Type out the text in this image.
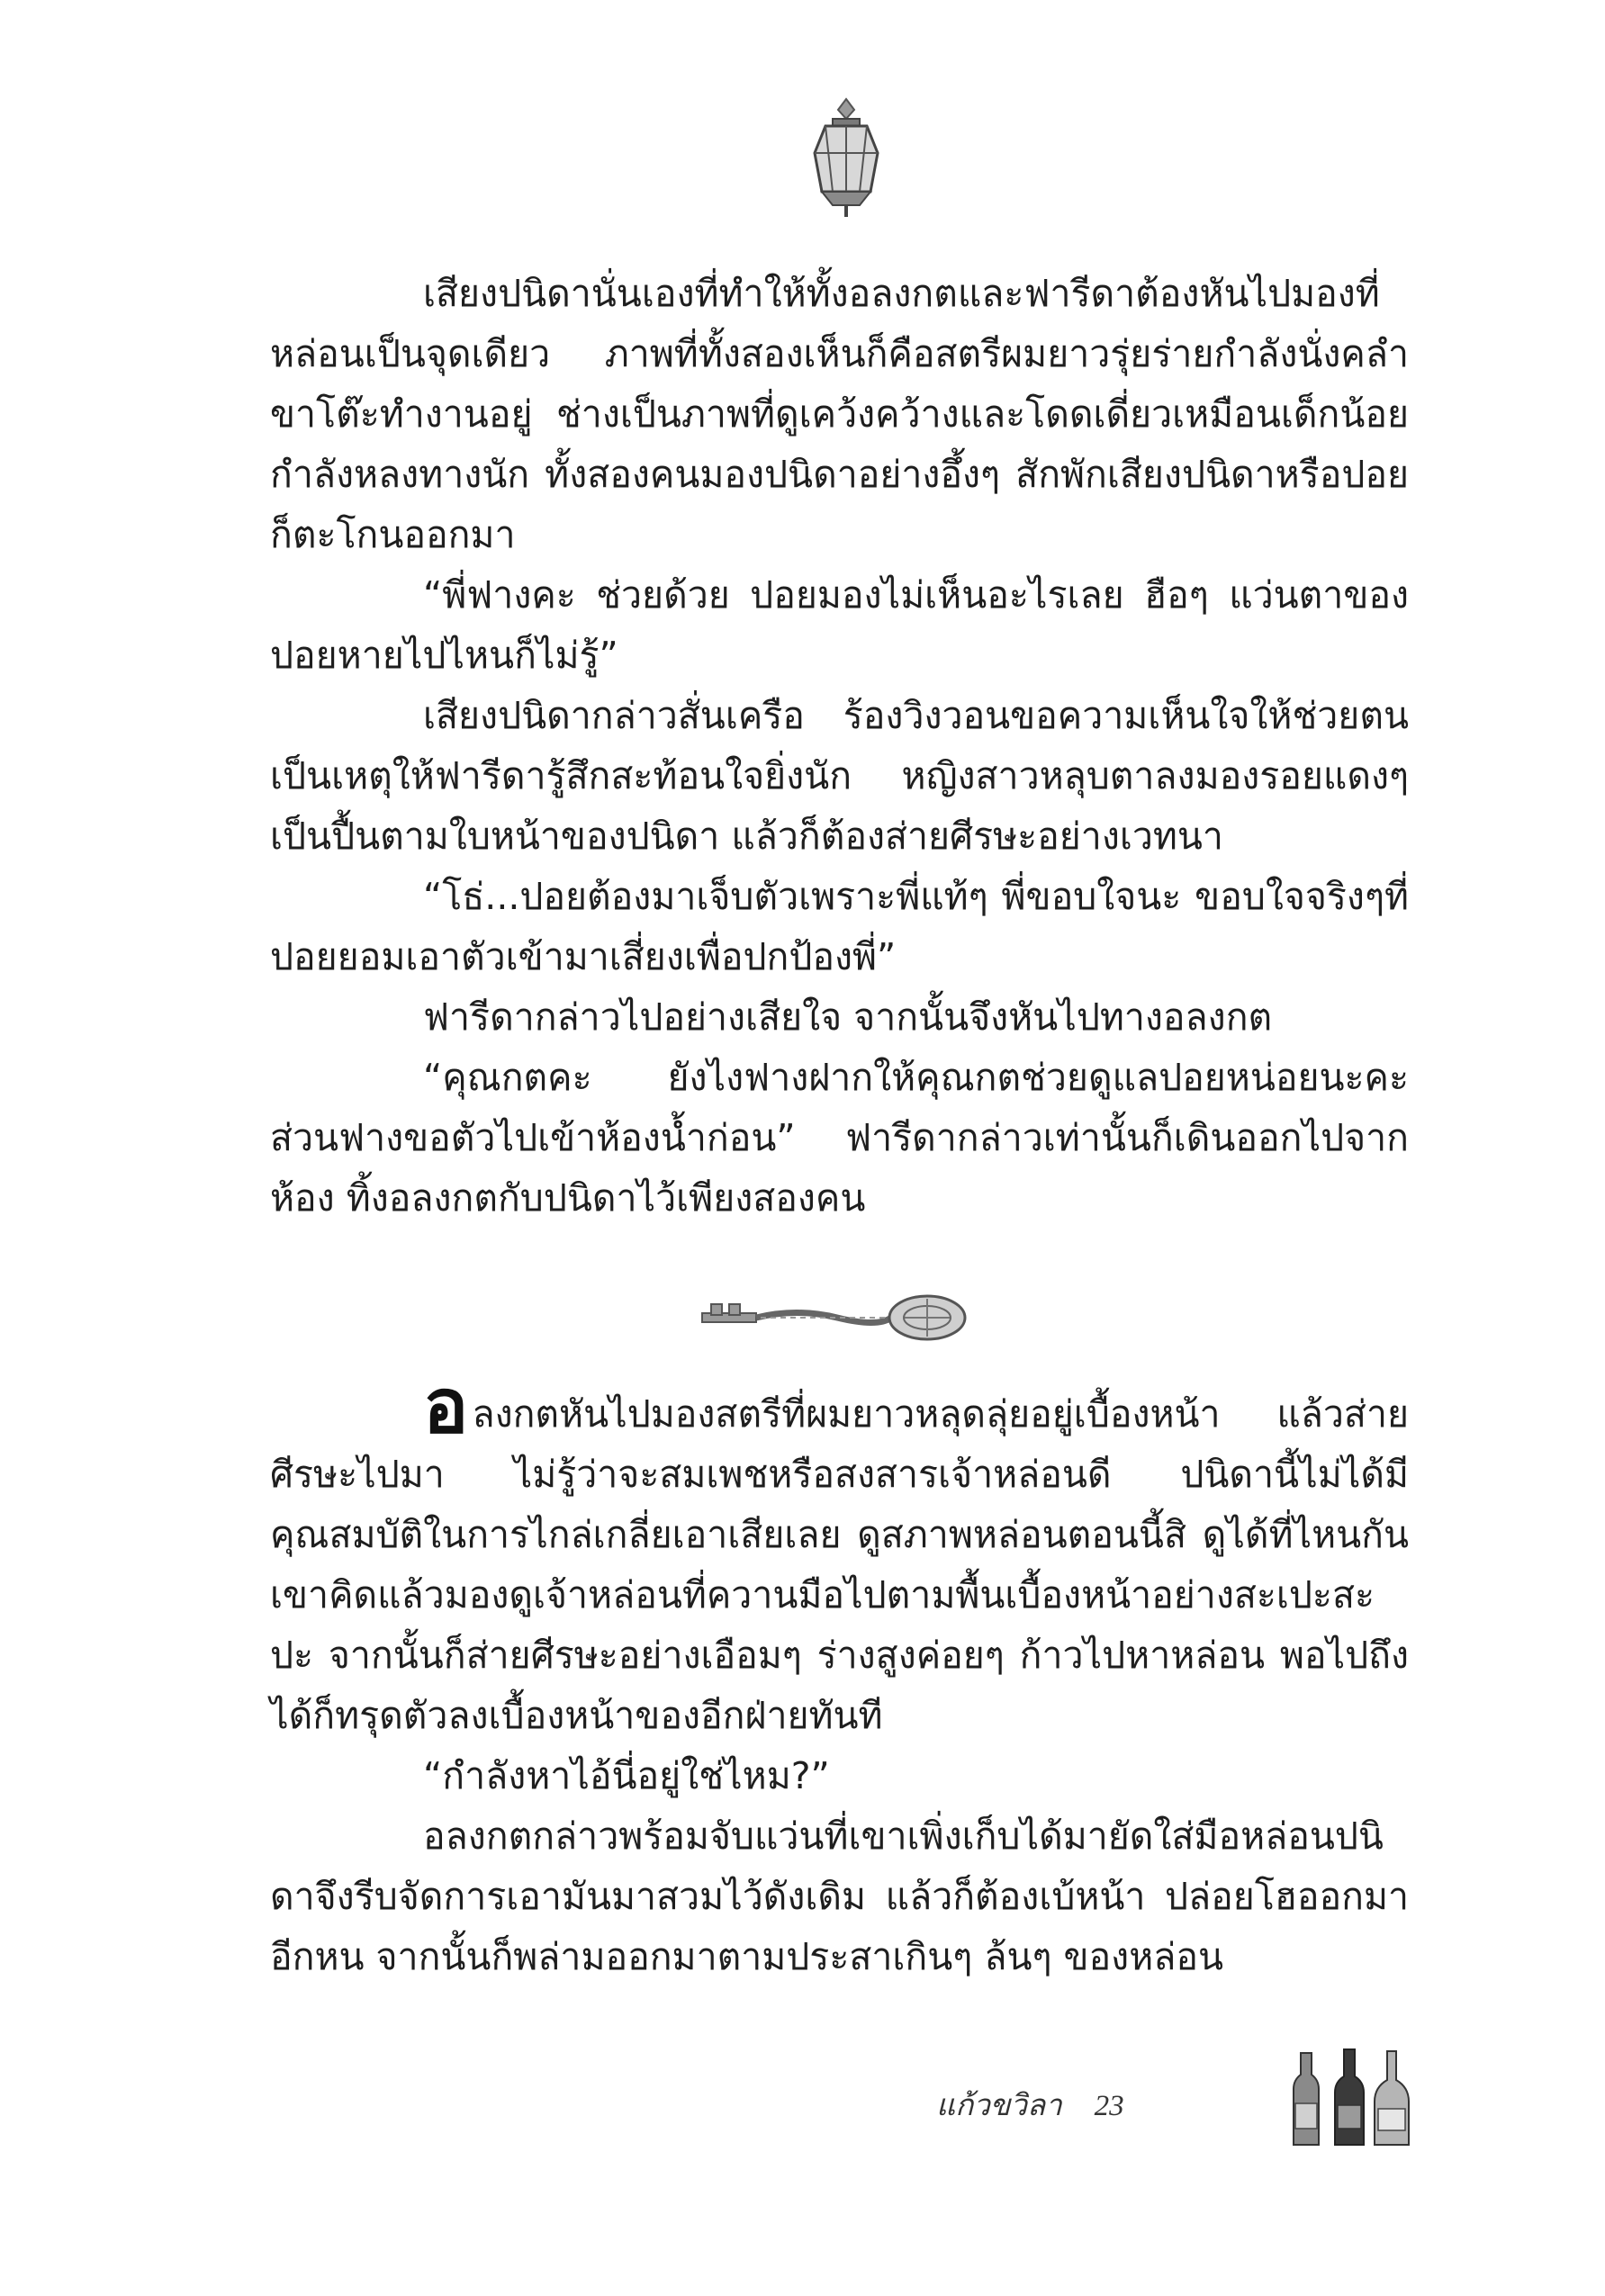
เสียงปนิดานั่นเองที่ทำให้ทั้งอลงกตและฟารีดาต้องหันไปมองที่หล่อนเป็นจุดเดียว ภาพที่ทั้งสองเห็นก็คือสตรีผมยาวรุ่ยร่ายกำลังนั่งคลำขาโต๊ะทำงานอยู่ ช่างเป็นภาพที่ดูเคว้งคว้างและโดดเดี่ยวเหมือนเด็กน้อยกำลังหลงทางนัก ทั้งสองคนมองปนิดาอย่างอึ้งๆ สักพักเสียงปนิดาหรือปอยก็ตะโกนออกมา

“พี่ฟางคะ ช่วยด้วย ปอยมองไม่เห็นอะไรเลย ฮือๆ แว่นตาของปอยหายไปไหนก็ไม่รู้”

เสียงปนิดากล่าวสั่นเครือ ร้องวิงวอนขอความเห็นใจให้ช่วยตนเป็นเหตุให้ฟารีดารู้สึกสะท้อนใจยิ่งนัก หญิงสาวหลุบตาลงมองรอยแดงๆเป็นปื้นตามใบหน้าของปนิดา แล้วก็ต้องส่ายศีรษะอย่างเวทนา

“โธ่...ปอยต้องมาเจ็บตัวเพราะพี่แท้ๆ พี่ขอบใจนะ ขอบใจจริงๆที่ปอยยอมเอาตัวเข้ามาเสี่ยงเพื่อปกป้องพี่”

ฟารีดากล่าวไปอย่างเสียใจ จากนั้นจึงหันไปทางอลงกต

“คุณกตคะ ยังไงฟางฝากให้คุณกตช่วยดูแลปอยหน่อยนะคะส่วนฟางขอตัวไปเข้าห้องน้ำก่อน” ฟารีดากล่าวเท่านั้นก็เดินออกไปจากห้อง ทิ้งอลงกตกับปนิดาไว้เพียงสองคน

อลงกตหันไปมองสตรีที่ผมยาวหลุดลุ่ยอยู่เบื้องหน้า แล้วส่ายศีรษะไปมา ไม่รู้ว่าจะสมเพชหรือสงสารเจ้าหล่อนดี ปนิดานี้ไม่ได้มีคุณสมบัติในการไกล่เกลี่ยเอาเสียเลย ดูสภาพหล่อนตอนนี้สิ ดูได้ที่ไหนกัน เขาคิดแล้วมองดูเจ้าหล่อนที่ควานมือไปตามพื้นเบื้องหน้าอย่างสะเปะสะปะ จากนั้นก็ส่ายศีรษะอย่างเอือมๆ ร่างสูงค่อยๆ ก้าวไปหาหล่อน พอไปถึงได้ก็ทรุดตัวลงเบื้องหน้าของอีกฝ่ายทันที

“กำลังหาไอ้นี่อยู่ใช่ไหม?”

อลงกตกล่าวพร้อมจับแว่นที่เขาเพิ่งเก็บได้มายัดใส่มือหล่อนปนิดาจึงรีบจัดการเอามันมาสวมไว้ดังเดิม แล้วก็ต้องเบ้หน้า ปล่อยโฮออกมาอีกหน จากนั้นก็พล่ามออกมาตามประสาเกินๆ ล้นๆ ของหล่อน

แก้วขวิลา 23
